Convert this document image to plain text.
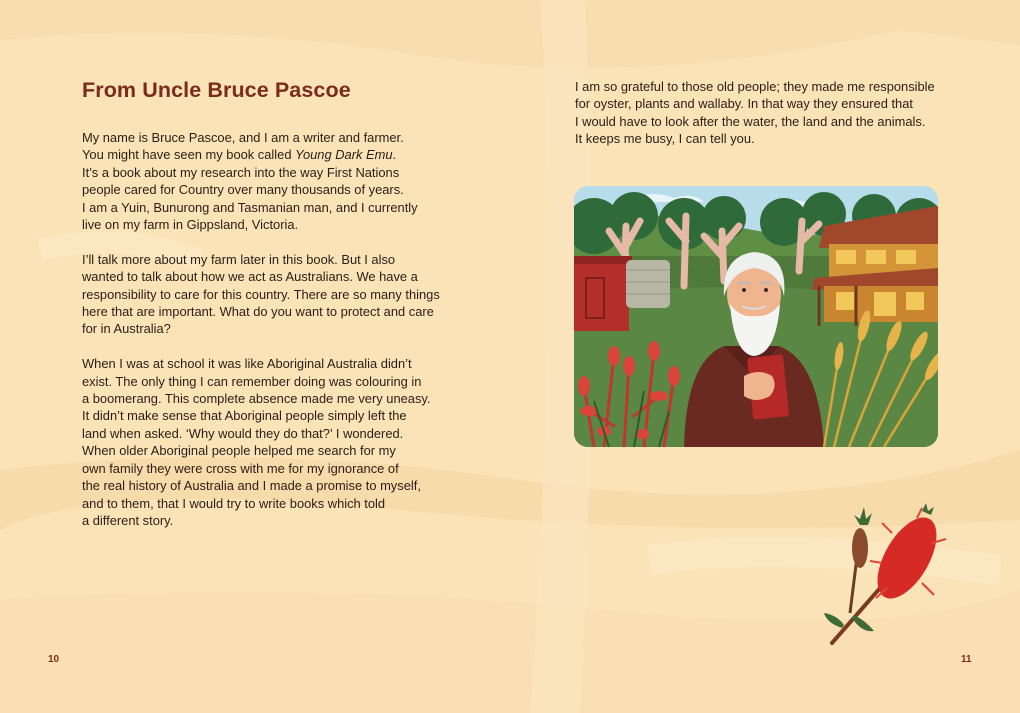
From Uncle Bruce Pascoe

My name is Bruce Pascoe, and I am a writer and farmer.
You might have seen my book called Young Dark Emu.
It’s a book about my research into the way First Nations
people cared for Country over many thousands of years.
I am a Yuin, Bunurong and Tasmanian man, and I currently
live on my farm in Gippsland, Victoria.

I’ll talk more about my farm later in this book. But I also
wanted to talk about how we act as Australians. We have a
responsibility to care for this country. There are so many things
here that are important. What do you want to protect and care
for in Australia?

When I was at school it was like Aboriginal Australia didn’t
exist. The only thing I can remember doing was colouring in
a boomerang. This complete absence made me very uneasy.
It didn’t make sense that Aboriginal people simply left the
land when asked. ‘Why would they do that?’ I wondered.
When older Aboriginal people helped me search for my
own family they were cross with me for my ignorance of
the real history of Australia and I made a promise to myself,
and to them, that I would try to write books which told
a different story.

10

I am so grateful to those old people; they made me responsible
for oyster, plants and wallaby. In that way they ensured that
I would have to look after the water, the land and the animals.
It keeps me busy, I can tell you.

11
